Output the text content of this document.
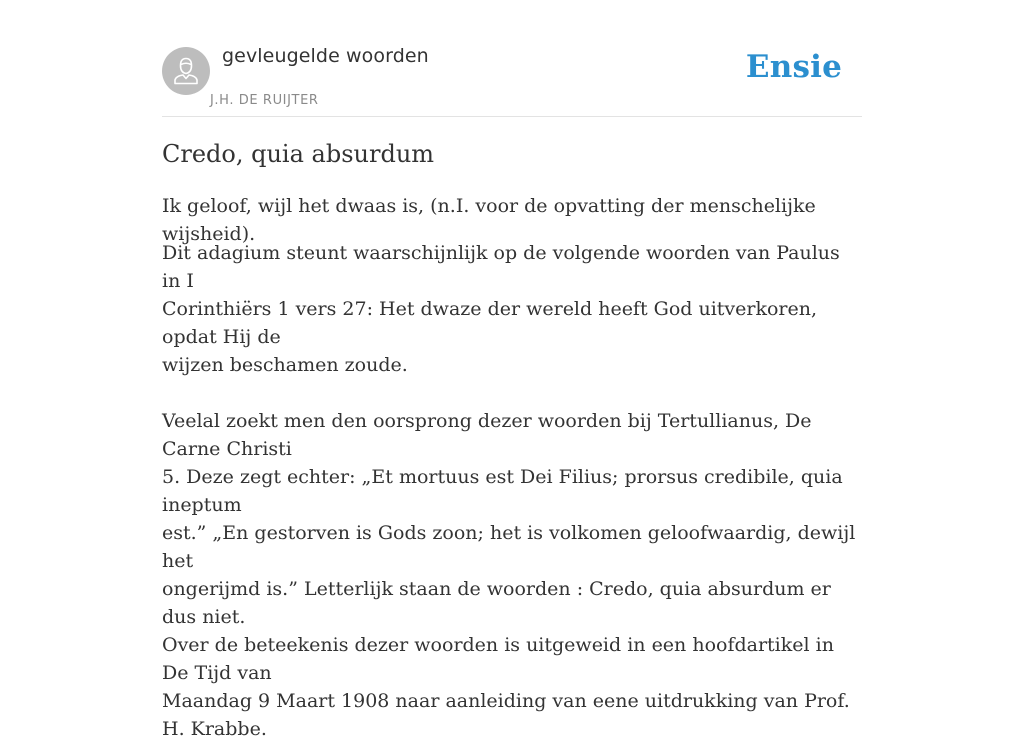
gevleugelde woorden
J.H. DE RUIJTER
Ensie
Credo, quia absurdum

Ik geloof, wijl het dwaas is, (n.I. voor de opvatting der menschelijke wijsheid).

Dit adagium steunt waarschijnlijk op de volgende woorden van Paulus in I
Corinthiërs 1 vers 27: Het dwaze der wereld heeft God uitverkoren, opdat Hij de
wijzen beschamen zoude.

Veelal zoekt men den oorsprong dezer woorden bij Tertullianus, De Carne Christi
5. Deze zegt echter: „Et mortuus est Dei Filius; prorsus credibile, quia ineptum
est.” „En gestorven is Gods zoon; het is volkomen geloofwaardig, dewijl het
ongerijmd is.” Letterlijk staan de woorden : Credo, quia absurdum er dus niet.
Over de beteekenis dezer woorden is uitgeweid in een hoofdartikel in De Tijd van
Maandag 9 Maart 1908 naar aanleiding van eene uitdrukking van Prof. H. Krabbe.
